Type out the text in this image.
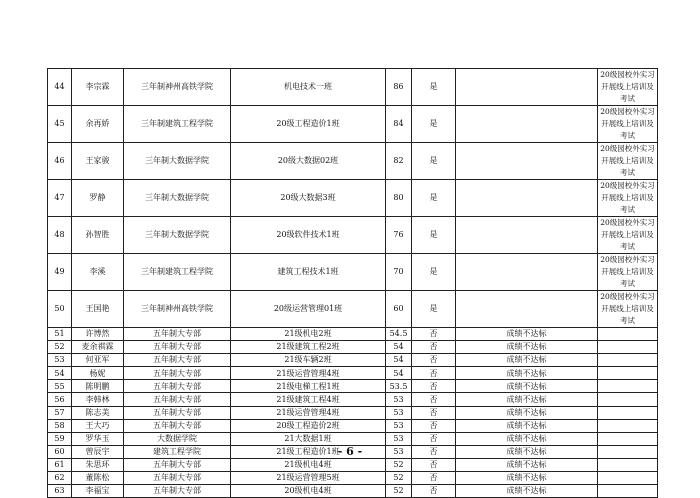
44	李宗霖	三年制神州高铁学院	机电技术一班	86	是		20级园校外实习开展线上培训及考试
45	余再娇	三年制建筑工程学院	20级工程造价1班	84	是		20级园校外实习开展线上培训及考试
46	王家骏	三年制大数据学院	20级大数据02班	82	是		20级园校外实习开展线上培训及考试
47	罗静	三年制大数据学院	20级大数据3班	80	是		20级园校外实习开展线上培训及考试
48	孙智胜	三年制大数据学院	20级软件技术1班	76	是		20级园校外实习开展线上培训及考试
49	李溪	三年制建筑工程学院	建筑工程技术1班	70	是		20级园校外实习开展线上培训及考试
50	王国艳	三年制神州高铁学院	20级运营管理01班	60	是		20级园校外实习开展线上培训及考试
51	许博然	五年制大专部	21级机电2班	54.5	否	成绩不达标	
52	麦余祺霖	五年制大专部	21级建筑工程2班	54	否	成绩不达标	
53	何亚军	五年制大专部	21级车辆2班	54	否	成绩不达标	
54	杨妮	五年制大专部	21级运营管理4班	54	否	成绩不达标	
55	陈明鹏	五年制大专部	21级电梯工程1班	53.5	否	成绩不达标	
56	李韩林	五年制大专部	21级建筑工程4班	53	否	成绩不达标	
57	陈志美	五年制大专部	21级运营管理4班	53	否	成绩不达标	
58	王大巧	五年制大专部	20级工程造价2班	53	否	成绩不达标	
59	罗华玉	大数据学院	21大数据1班	53	否	成绩不达标	
60	曾辰宇	建筑工程学院	21级工程造价1班	53	否	成绩不达标	
61	朱思环	五年制大专部	21级机电4班	52	否	成绩不达标	
62	董陈松	五年制大专部	21级运营管理5班	52	否	成绩不达标	
63	李福宝	五年制大专部	20级机电4班	52	否	成绩不达标	
- 6 -
